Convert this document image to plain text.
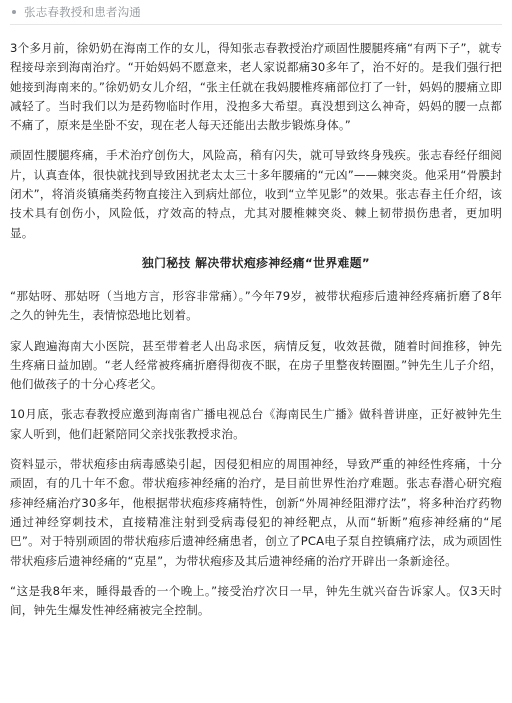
张志春教授和患者沟通

3个多月前，徐奶奶在海南工作的女儿，得知张志春教授治疗顽固性腰腿疼痛“有两下子”，就专程接母亲到海南治疗。“开始妈妈不愿意来，老人家说都痛30多年了，治不好的。是我们强行把她接到海南来的。”徐奶奶女儿介绍，“张主任就在我妈腰椎疼痛部位打了一针，妈妈的腰痛立即减轻了。当时我们以为是药物临时作用，没抱多大希望。真没想到这么神奇，妈妈的腰一点都不痛了，原来是坐卧不安，现在老人每天还能出去散步锻炼身体。”

顽固性腰腿疼痛，手术治疗创伤大，风险高，稍有闪失，就可导致终身残疾。张志春经仔细阅片，认真查体，很快就找到导致困扰老太太三十多年腰痛的“元凶”——棘突炎。他采用“骨膜封闭术”，将消炎镇痛类药物直接注入到病灶部位，收到“立竿见影”的效果。张志春主任介绍，该技术具有创伤小，风险低，疗效高的特点，尤其对腰椎棘突炎、棘上韧带损伤患者，更加明显。

独门秘技 解决带状疱疹神经痛“世界难题”

“那姑呀、那姑呀（当地方言，形容非常痛）。”今年79岁，被带状疱疹后遗神经疼痛折磨了8年之久的钟先生，表情惊恐地比划着。

家人跑遍海南大小医院，甚至带着老人出岛求医，病情反复，收效甚微，随着时间推移，钟先生疼痛日益加剧。“老人经常被疼痛折磨得彻夜不眠，在房子里整夜转圈圈。”钟先生儿子介绍，他们做孩子的十分心疼老父。

10月底，张志春教授应邀到海南省广播电视总台《海南民生广播》做科普讲座，正好被钟先生家人听到，他们赶紧陪同父亲找张教授求治。

资料显示，带状疱疹由病毒感染引起，因侵犯相应的周围神经，导致严重的神经性疼痛，十分顽固，有的几十年不愈。带状疱疹神经痛的治疗，是目前世界性治疗难题。张志春潜心研究疱疹神经痛治疗30多年，他根据带状疱疹疼痛特性，创新“外周神经阻滞疗法”，将多种治疗药物通过神经穿刺技术，直接精准注射到受病毒侵犯的神经靶点，从而“斩断”疱疹神经痛的“尾巴”。对于特别顽固的带状疱疹后遗神经痛患者，创立了PCA电子泵自控镇痛疗法，成为顽固性带状疱疹后遗神经痛的“克星”，为带状疱疹及其后遗神经痛的治疗开辟出一条新途径。

“这是我8年来，睡得最香的一个晚上。”接受治疗次日一早，钟先生就兴奋告诉家人。仅3天时间，钟先生爆发性神经痛被完全控制。
